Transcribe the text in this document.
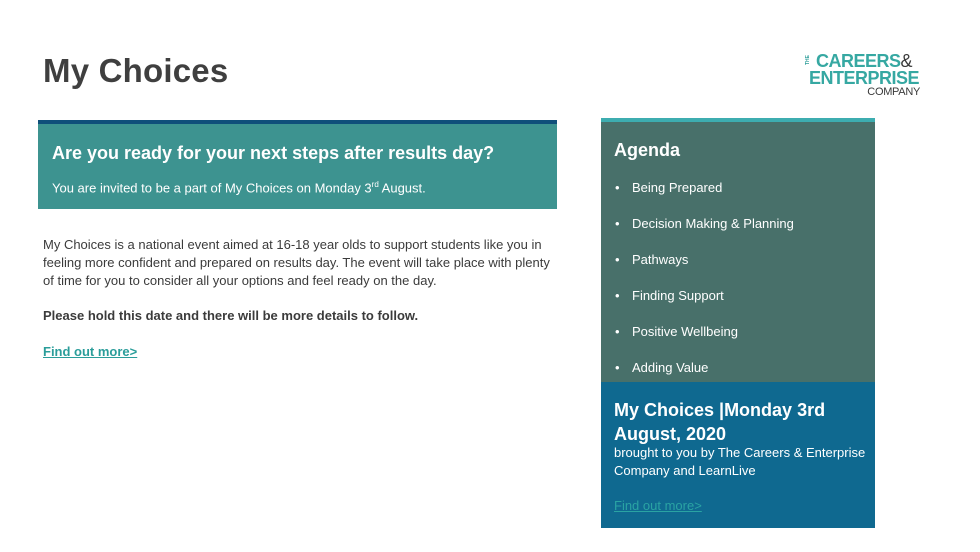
My Choices	THE CAREERS&
ENTERPRISE
COMPANY
Are you ready for your next steps after results day?
You are invited to be a part of My Choices on Monday 3rd August.
My Choices is a national event aimed at 16-18 year olds to support students like you in feeling more confident and prepared on results day. The event will take place with plenty of time for you to consider all your options and feel ready on the day.
Please hold this date and there will be more details to follow.
Find out more>
Agenda
• Being Prepared
• Decision Making & Planning
• Pathways
• Finding Support
• Positive Wellbeing
• Adding Value
My Choices |Monday 3rd August, 2020
brought to you by The Careers & Enterprise Company and LearnLive
Find out more>
